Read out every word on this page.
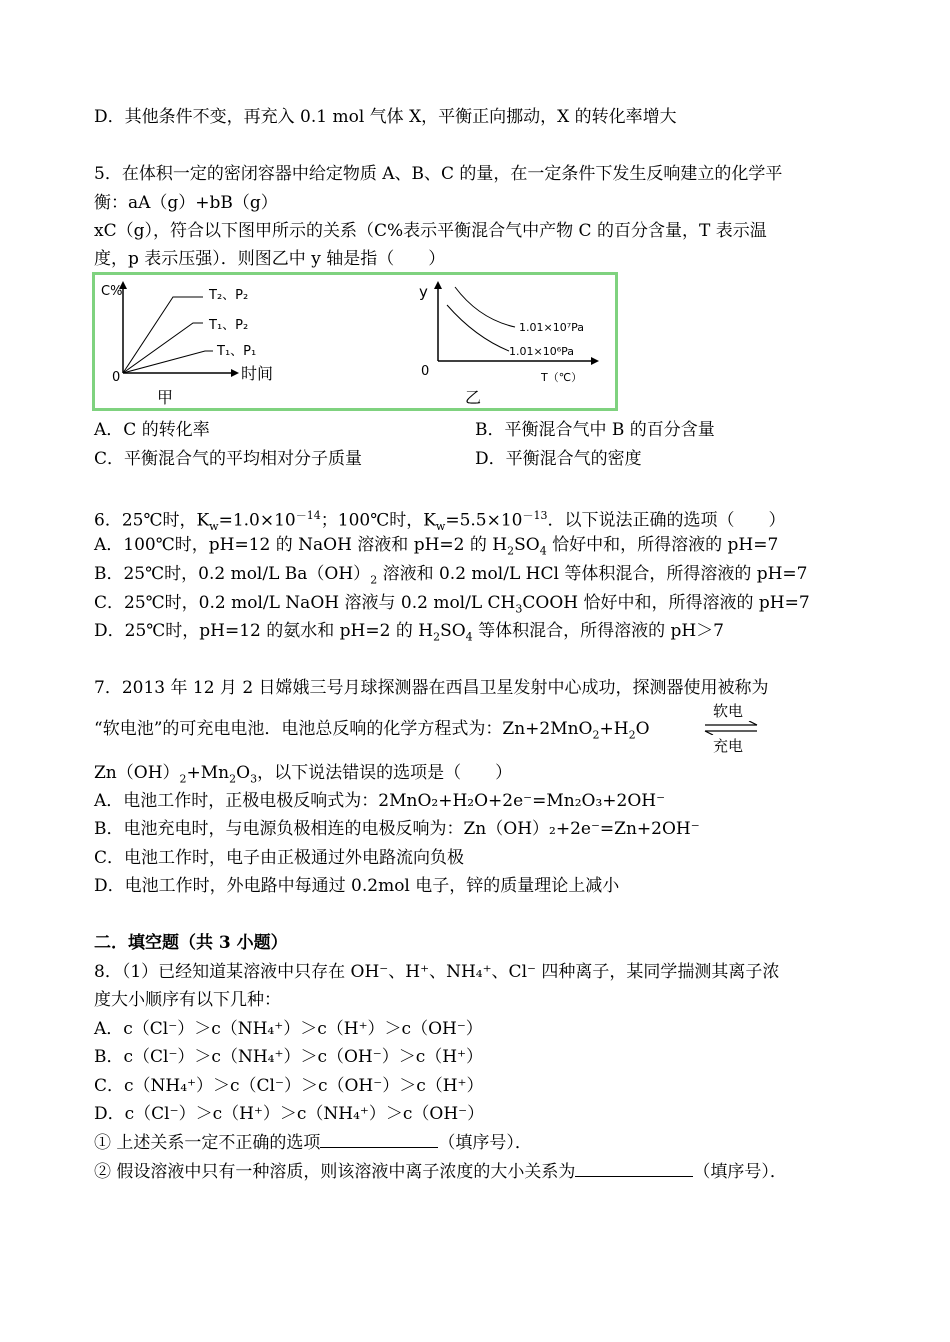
D．其他条件不变，再充入 0.1 mol 气体 X，平衡正向挪动，X 的转化率增大
5．在体积一定的密闭容器中给定物质 A、B、C 的量，在一定条件下发生反响建立的化学平
衡：aA（g）+bB（g）
xC（g），符合以下图甲所示的关系（C%表示平衡混合气中产物 C 的百分含量，T 表示温
度，p 表示压强）．则图乙中 y 轴是指（　　）
C%
0	时间
T₂、P₂
T₁、P₂
T₁、P₁
甲
y
0	T（℃）
1.01×10⁷Pa
1.01×10⁶Pa
乙
A．C 的转化率	B．平衡混合气中 B 的百分含量
C．平衡混合气的平均相对分子质量	D．平衡混合气的密度
6．25℃时，$K_w=1.0\times 10^{-14}$；100℃时，$K_w=5.5\times 10^{-13}$．以下说法正确的选项（　　）
A．100℃时，pH=12 的 NaOH 溶液和 pH=2 的 $H_2SO_4$ 恰好中和，所得溶液的 pH=7
B．25℃时，0.2 mol/L $Ba(OH)_2$ 溶液和 0.2 mol/L HCl 等体积混合，所得溶液的 pH=7
C．25℃时，0.2 mol/L NaOH 溶液与 0.2 mol/L $CH_3COOH$ 恰好中和，所得溶液的 pH=7
D．25℃时，pH=12 的氨水和 pH=2 的 $H_2SO_4$ 等体积混合，所得溶液的 pH＞7
7．2013 年 12 月 2 日嫦娥三号月球探测器在西昌卫星发射中心成功，探测器使用被称为
“软电池”的可充电电池．电池总反响的化学方程式为：$Zn+2MnO_2+H_2O$
软电
充电
$Zn(OH)_2+Mn_2O_3$，以下说法错误的选项是（　　）
A．电池工作时，正极电极反响式为：2MnO₂+H₂O+2e⁻=Mn₂O₃+2OH⁻
B．电池充电时，与电源负极相连的电极反响为：Zn（OH）₂+2e⁻=Zn+2OH⁻
C．电池工作时，电子由正极通过外电路流向负极
D．电池工作时，外电路中每通过 0.2mol 电子，锌的质量理论上减小
二．填空题（共 3 小题）
8．（1）已经知道某溶液中只存在 OH⁻、H⁺、NH₄⁺、Cl⁻ 四种离子，某同学揣测其离子浓
度大小顺序有以下几种：
A．c（Cl⁻）＞c（NH₄⁺）＞c（H⁺）＞c（OH⁻）
B．c（Cl⁻）＞c（NH₄⁺）＞c（OH⁻）＞c（H⁺）
C．c（NH₄⁺）＞c（Cl⁻）＞c（OH⁻）＞c（H⁺）
D．c（Cl⁻）＞c（H⁺）＞c（NH₄⁺）＞c（OH⁻）
① 上述关系一定不正确的选项	（填序号）．
② 假设溶液中只有一种溶质，则该溶液中离子浓度的大小关系为	（填序号）．
